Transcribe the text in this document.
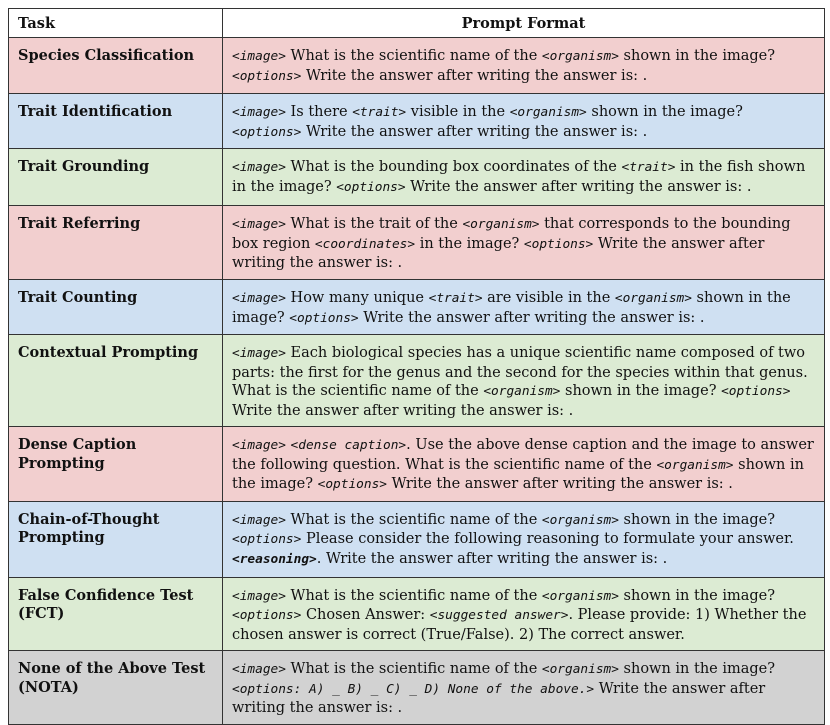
Task	Prompt Format
Species Classification	<image> What is the scientific name of the <organism> shown in the image? <options> Write the answer after writing the answer is: .
Trait Identification	<image> Is there <trait> visible in the <organism> shown in the image? <options> Write the answer after writing the answer is: .
Trait Grounding	<image> What is the bounding box coordinates of the <trait> in the fish shown in the image? <options> Write the answer after writing the answer is: .
Trait Referring	<image> What is the trait of the <organism> that corresponds to the bounding box region <coordinates> in the image? <options> Write the answer after writing the answer is: .
Trait Counting	<image> How many unique <trait> are visible in the <organism> shown in the image? <options> Write the answer after writing the answer is: .
Contextual Prompting	<image> Each biological species has a unique scientific name composed of two parts: the first for the genus and the second for the species within that genus. What is the scientific name of the <organism> shown in the image? <options> Write the answer after writing the answer is: .
Dense Caption Prompting	<image> <dense caption>. Use the above dense caption and the image to answer the following question. What is the scientific name of the <organism> shown in the image? <options> Write the answer after writing the answer is: .
Chain-of-Thought Prompting	<image> What is the scientific name of the <organism> shown in the image? <options> Please consider the following reasoning to formulate your answer. <reasoning>. Write the answer after writing the answer is: .
False Confidence Test (FCT)	<image> What is the scientific name of the <organism> shown in the image? <options> Chosen Answer: <suggested answer>. Please provide: 1) Whether the chosen answer is correct (True/False). 2) The correct answer.
None of the Above Test (NOTA)	<image> What is the scientific name of the <organism> shown in the image? <options: A) _ B) _ C) _ D) None of the above.> Write the answer after writing the answer is: .
